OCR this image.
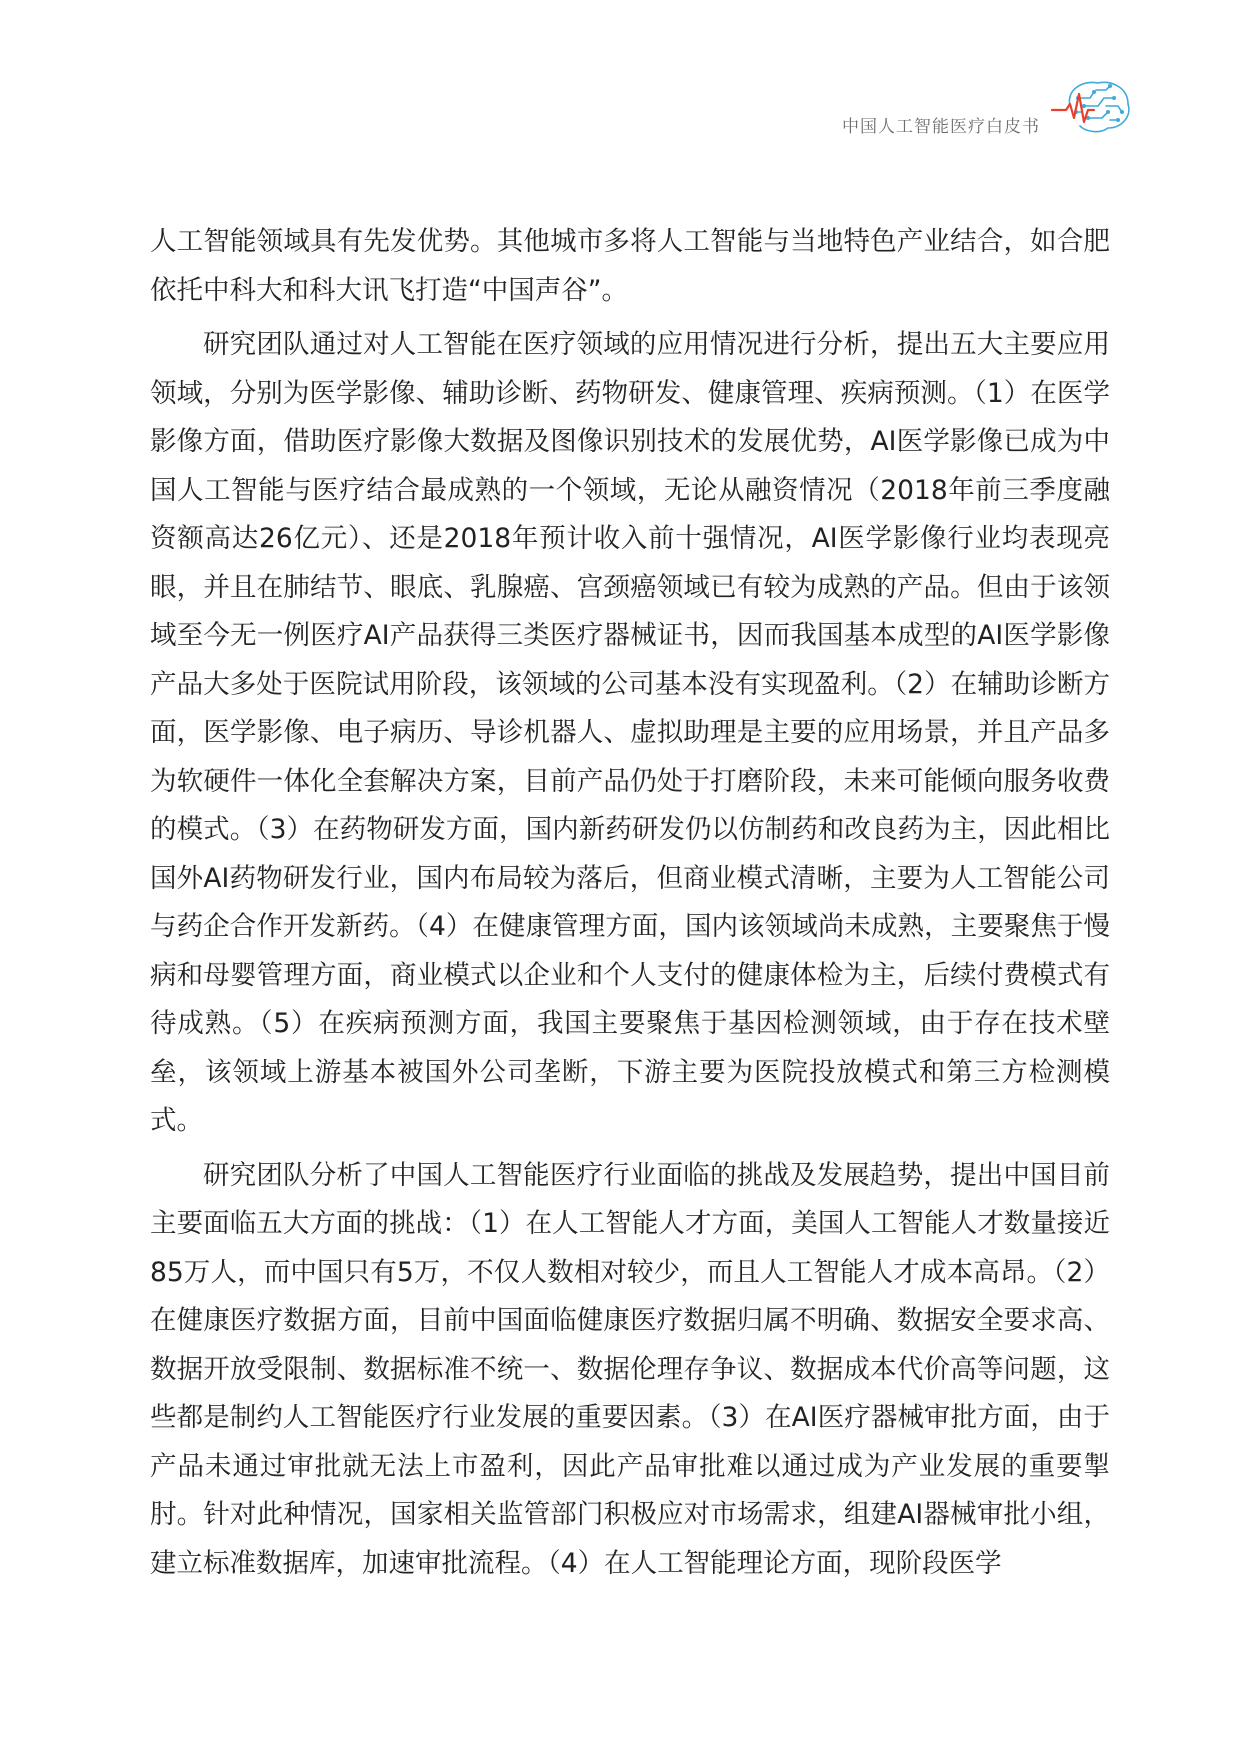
中国人工智能医疗白皮书

人工智能领域具有先发优势。其他城市多将人工智能与当地特色产业结合，如合肥依托中科大和科大讯飞打造“中国声谷”。

研究团队通过对人工智能在医疗领域的应用情况进行分析，提出五大主要应用领域，分别为医学影像、辅助诊断、药物研发、健康管理、疾病预测。（1）在医学影像方面，借助医疗影像大数据及图像识别技术的发展优势，AI医学影像已成为中国人工智能与医疗结合最成熟的一个领域，无论从融资情况（2018年前三季度融资额高达26亿元）、还是2018年预计收入前十强情况，AI医学影像行业均表现亮眼，并且在肺结节、眼底、乳腺癌、宫颈癌领域已有较为成熟的产品。但由于该领域至今无一例医疗AI产品获得三类医疗器械证书，因而我国基本成型的AI医学影像产品大多处于医院试用阶段，该领域的公司基本没有实现盈利。（2）在辅助诊断方面，医学影像、电子病历、导诊机器人、虚拟助理是主要的应用场景，并且产品多为软硬件一体化全套解决方案，目前产品仍处于打磨阶段，未来可能倾向服务收费的模式。（3）在药物研发方面，国内新药研发仍以仿制药和改良药为主，因此相比国外AI药物研发行业，国内布局较为落后，但商业模式清晰，主要为人工智能公司与药企合作开发新药。（4）在健康管理方面，国内该领域尚未成熟，主要聚焦于慢病和母婴管理方面，商业模式以企业和个人支付的健康体检为主，后续付费模式有待成熟。（5）在疾病预测方面，我国主要聚焦于基因检测领域，由于存在技术壁垒，该领域上游基本被国外公司垄断，下游主要为医院投放模式和第三方检测模式。

研究团队分析了中国人工智能医疗行业面临的挑战及发展趋势，提出中国目前主要面临五大方面的挑战：（1）在人工智能人才方面，美国人工智能人才数量接近85万人，而中国只有5万，不仅人数相对较少，而且人工智能人才成本高昂。（2）在健康医疗数据方面，目前中国面临健康医疗数据归属不明确、数据安全要求高、数据开放受限制、数据标准不统一、数据伦理存争议、数据成本代价高等问题，这些都是制约人工智能医疗行业发展的重要因素。（3）在AI医疗器械审批方面，由于产品未通过审批就无法上市盈利，因此产品审批难以通过成为产业发展的重要掣肘。针对此种情况，国家相关监管部门积极应对市场需求，组建AI器械审批小组，建立标准数据库，加速审批流程。（4）在人工智能理论方面，现阶段医学
